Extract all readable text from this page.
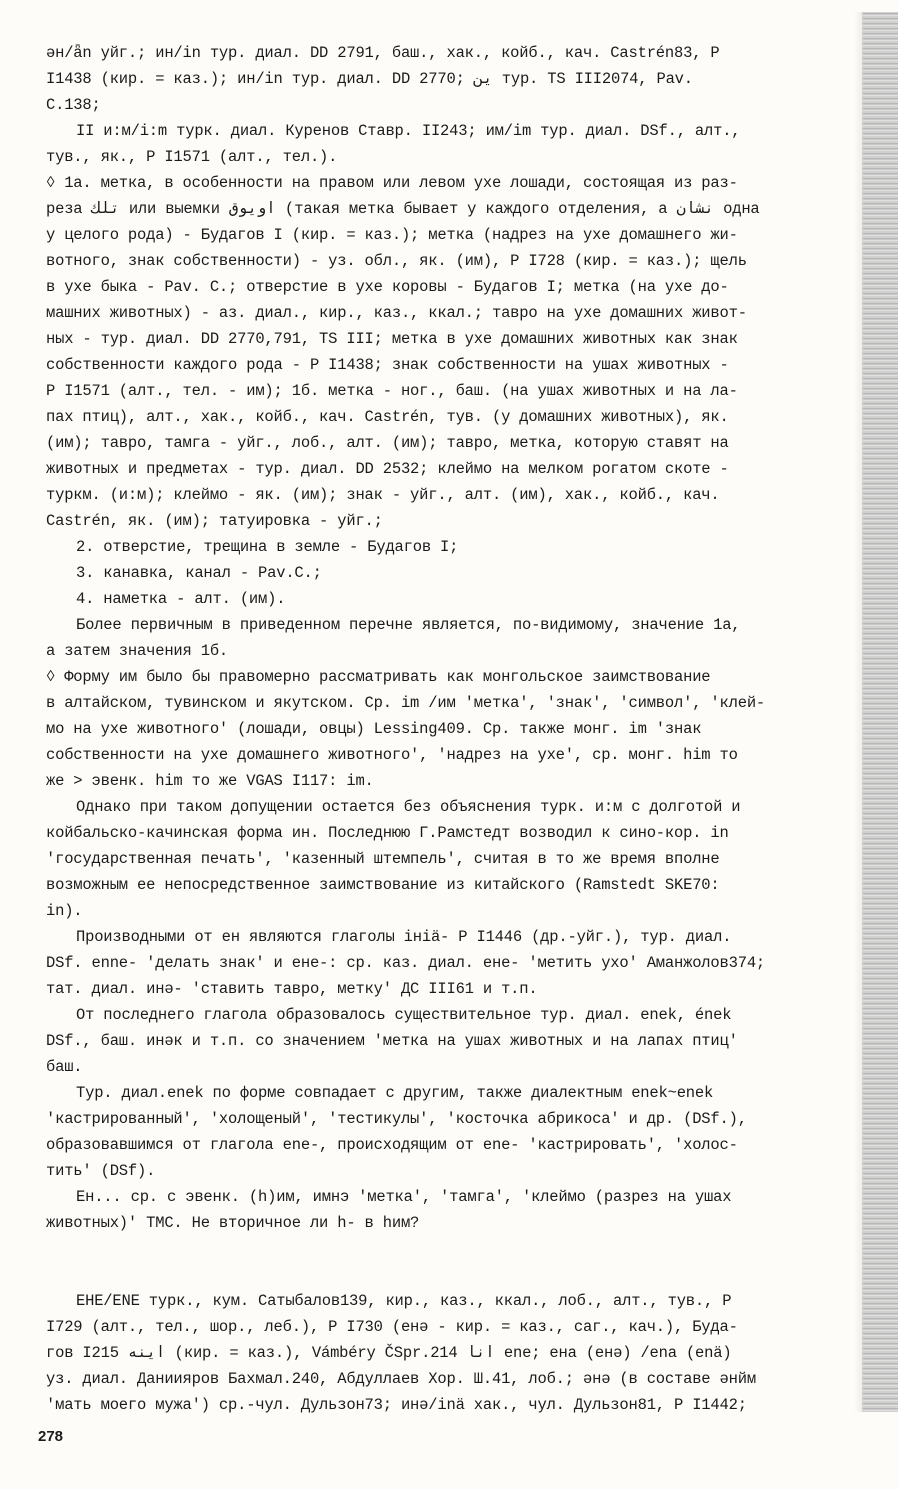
əн/ǟn уйг.; ин/in тур. диал. DD 2791, баш., хак., койб., кач. Castrén83, P
I1438 (кир. = каз.); ин/in тур. диал. DD 2770; ين тур. TS III2074, Pav.
C.138;
II и:м/i:m турк. диал. Куренов Ставр. II243; им/im тур. диал. DSf., алт.,
тув., як., P I1571 (алт., тел.).
◊ 1а. метка, в особенности на правом или левом ухе лошади, состоящая из раз-
реза تلك или выемки اويوق (такая метка бывает у каждого отделения, а نشان одна
у целого рода) - Будагов I (кир. = каз.); метка (надрез на ухе домашнего жи-
вотного, знак собственности) - уз. обл., як. (им), P I728 (кир. = каз.); щель
в ухе быка - Pav. C.; отверстие в ухе коровы - Будагов I; метка (на ухе до-
машних животных) - аз. диал., кир., каз., ккал.; тавро на ухе домашних живот-
ных - тур. диал. DD 2770,791, TS III; метка в ухе домашних животных как знак
собственности каждого рода - P I1438; знак собственности на ушах животных -
P I1571 (алт., тел. - им); 1б. метка - ног., баш. (на ушах животных и на ла-
пах птиц), алт., хак., койб., кач. Castrén, тув. (у домашних животных), як.
(им); тавро, тамга - уйг., лоб., алт. (им); тавро, метка, которую ставят на
животных и предметах - тур. диал. DD 2532; клеймо на мелком рогатом скоте -
туркм. (и:м); клеймо - як. (им); знак - уйг., алт. (им), хак., койб., кач.
Castrén, як. (им); татуировка - уйг.;
2. отверстие, трещина в земле - Будагов I;
3. канавка, канал - Pav.C.;
4. наметка - алт. (им).
Более первичным в приведенном перечне является, по-видимому, значение 1а,
а затем значения 1б.
◊ Форму им было бы правомерно рассматривать как монгольское заимствование
в алтайском, тувинском и якутском. Ср. im /им 'метка', 'знак', 'символ', 'клей-
мо на ухе животного' (лошади, овцы) Lessing409. Ср. также монг. im 'знак
собственности на ухе домашнего животного', 'надрез на ухе', ср. монг. him то
же > эвенк. him то же VGAS I117: im.
Однако при таком допущении остается без объяснения турк. и:м с долготой и
койбальско-качинская форма ин. Последнюю Г.Рамстедт возводил к сино-кор. in
'государственная печать', 'казенный штемпель', считая в то же время вполне
возможным ее непосредственное заимствование из китайского (Ramstedt SKE70:
in).
Производными от ен являются глаголы iнiä- P I1446 (др.-уйг.), тур. диал.
DSf. enne- 'делать знак' и ене-: ср. каз. диал. ене- 'метить ухо' Аманжолов374;
тат. диал. инә- 'ставить тавро, метку' ДС III61 и т.п.
От последнего глагола образовалось существительное тур. диал. enek, ének
DSf., баш. инәк и т.п. со значением 'метка на ушах животных и на лапах птиц'
баш.
Тур. диал.enek по форме совпадает с другим, также диалектным enek~enek
'кастрированный', 'холощеный', 'тестикулы', 'косточка абрикоса' и др. (DSf.),
образовавшимся от глагола ene-, происходящим от ene- 'кастрировать', 'холос-
тить' (DSf).
Ен... ср. с эвенк. (h)им, имнэ 'метка', 'тамга', 'клеймо (разрез на ушах
животных)' ТМС. Не вторичное ли h- в hим?
ЕНЕ/ENE турк., кум. Сатыбалов139, кир., каз., ккал., лоб., алт., тув., P
I729 (алт., тел., шор., леб.), P I730 (енә - кир. = каз., саг., кач.), Буда-
гов I215 اينه (кир. = каз.), Vámbéry ČSpr.214 انا ene; ена (енә) /ena (enä)
уз. диал. Даниияров Бахмал.240, Абдуллаев Хор. Ш.41, лоб.; әнә (в составе әнйм
'мать моего мужа') ср.-чул. Дульзон73; инә/inä хак., чул. Дульзон81, P I1442;
278
